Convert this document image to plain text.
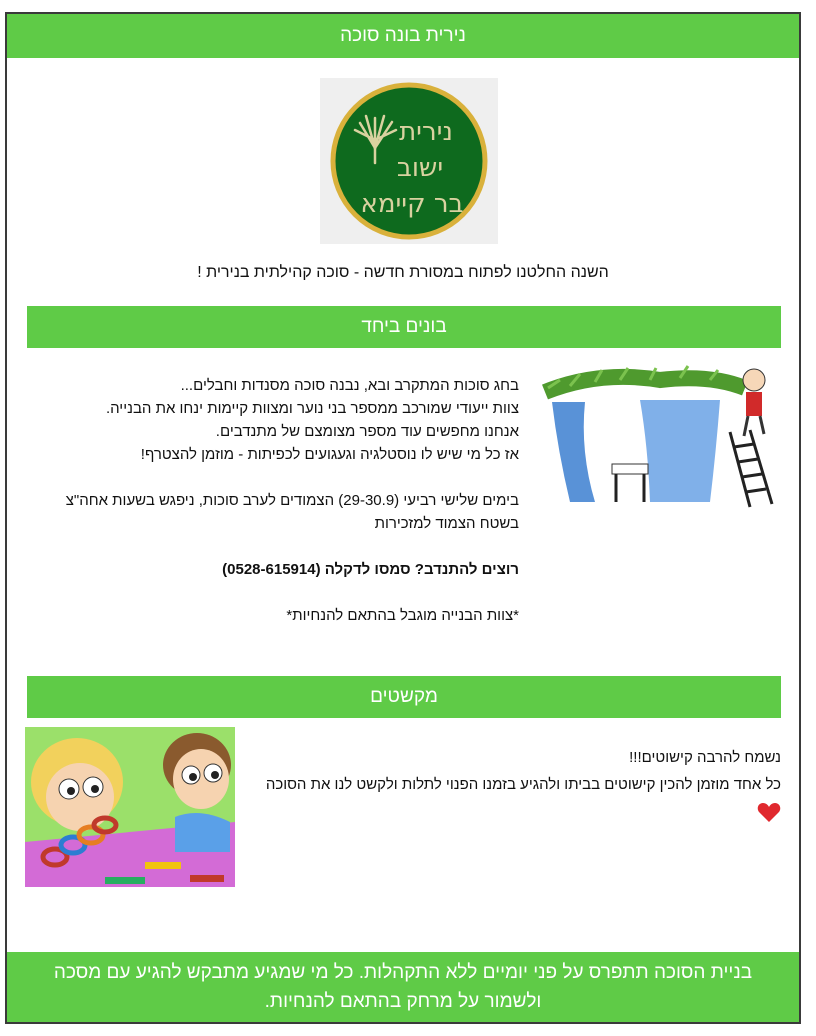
נירית בונה סוכה
נירית
ישוב
בר קיימא
השנה החלטנו לפתוח במסורת חדשה - סוכה קהילתית בנירית !
בונים ביחד

בחג סוכות המתקרב ובא, נבנה סוכה מסנדות וחבלים...

צוות ייעודי שמורכב ממספר בני נוער ומצוות קיימות ינחו את הבנייה.

אנחנו מחפשים עוד מספר מצומצם של מתנדבים.

אז כל מי שיש לו נוסטלגיה וגעגועים לכפיתות - מוזמן להצטרף!

בימים שלישי רביעי (29-30.9) הצמודים לערב סוכות, ניפגש בשעות אחה"צ בשטח הצמוד למזכירות

רוצים להתנדב? סמסו לדקלה (0528-615914)

*צוות הבנייה מוגבל בהתאם להנחיות*

מקשטים

נשמח להרבה קישוטים!!!

כל אחד מוזמן להכין קישוטים בביתו ולהגיע בזמנו הפנוי לתלות ולקשט לנו את הסוכה

בניית הסוכה תתפרס על פני יומיים ללא התקהלות. כל מי שמגיע מתבקש להגיע עם מסכה ולשמור על מרחק בהתאם להנחיות.
